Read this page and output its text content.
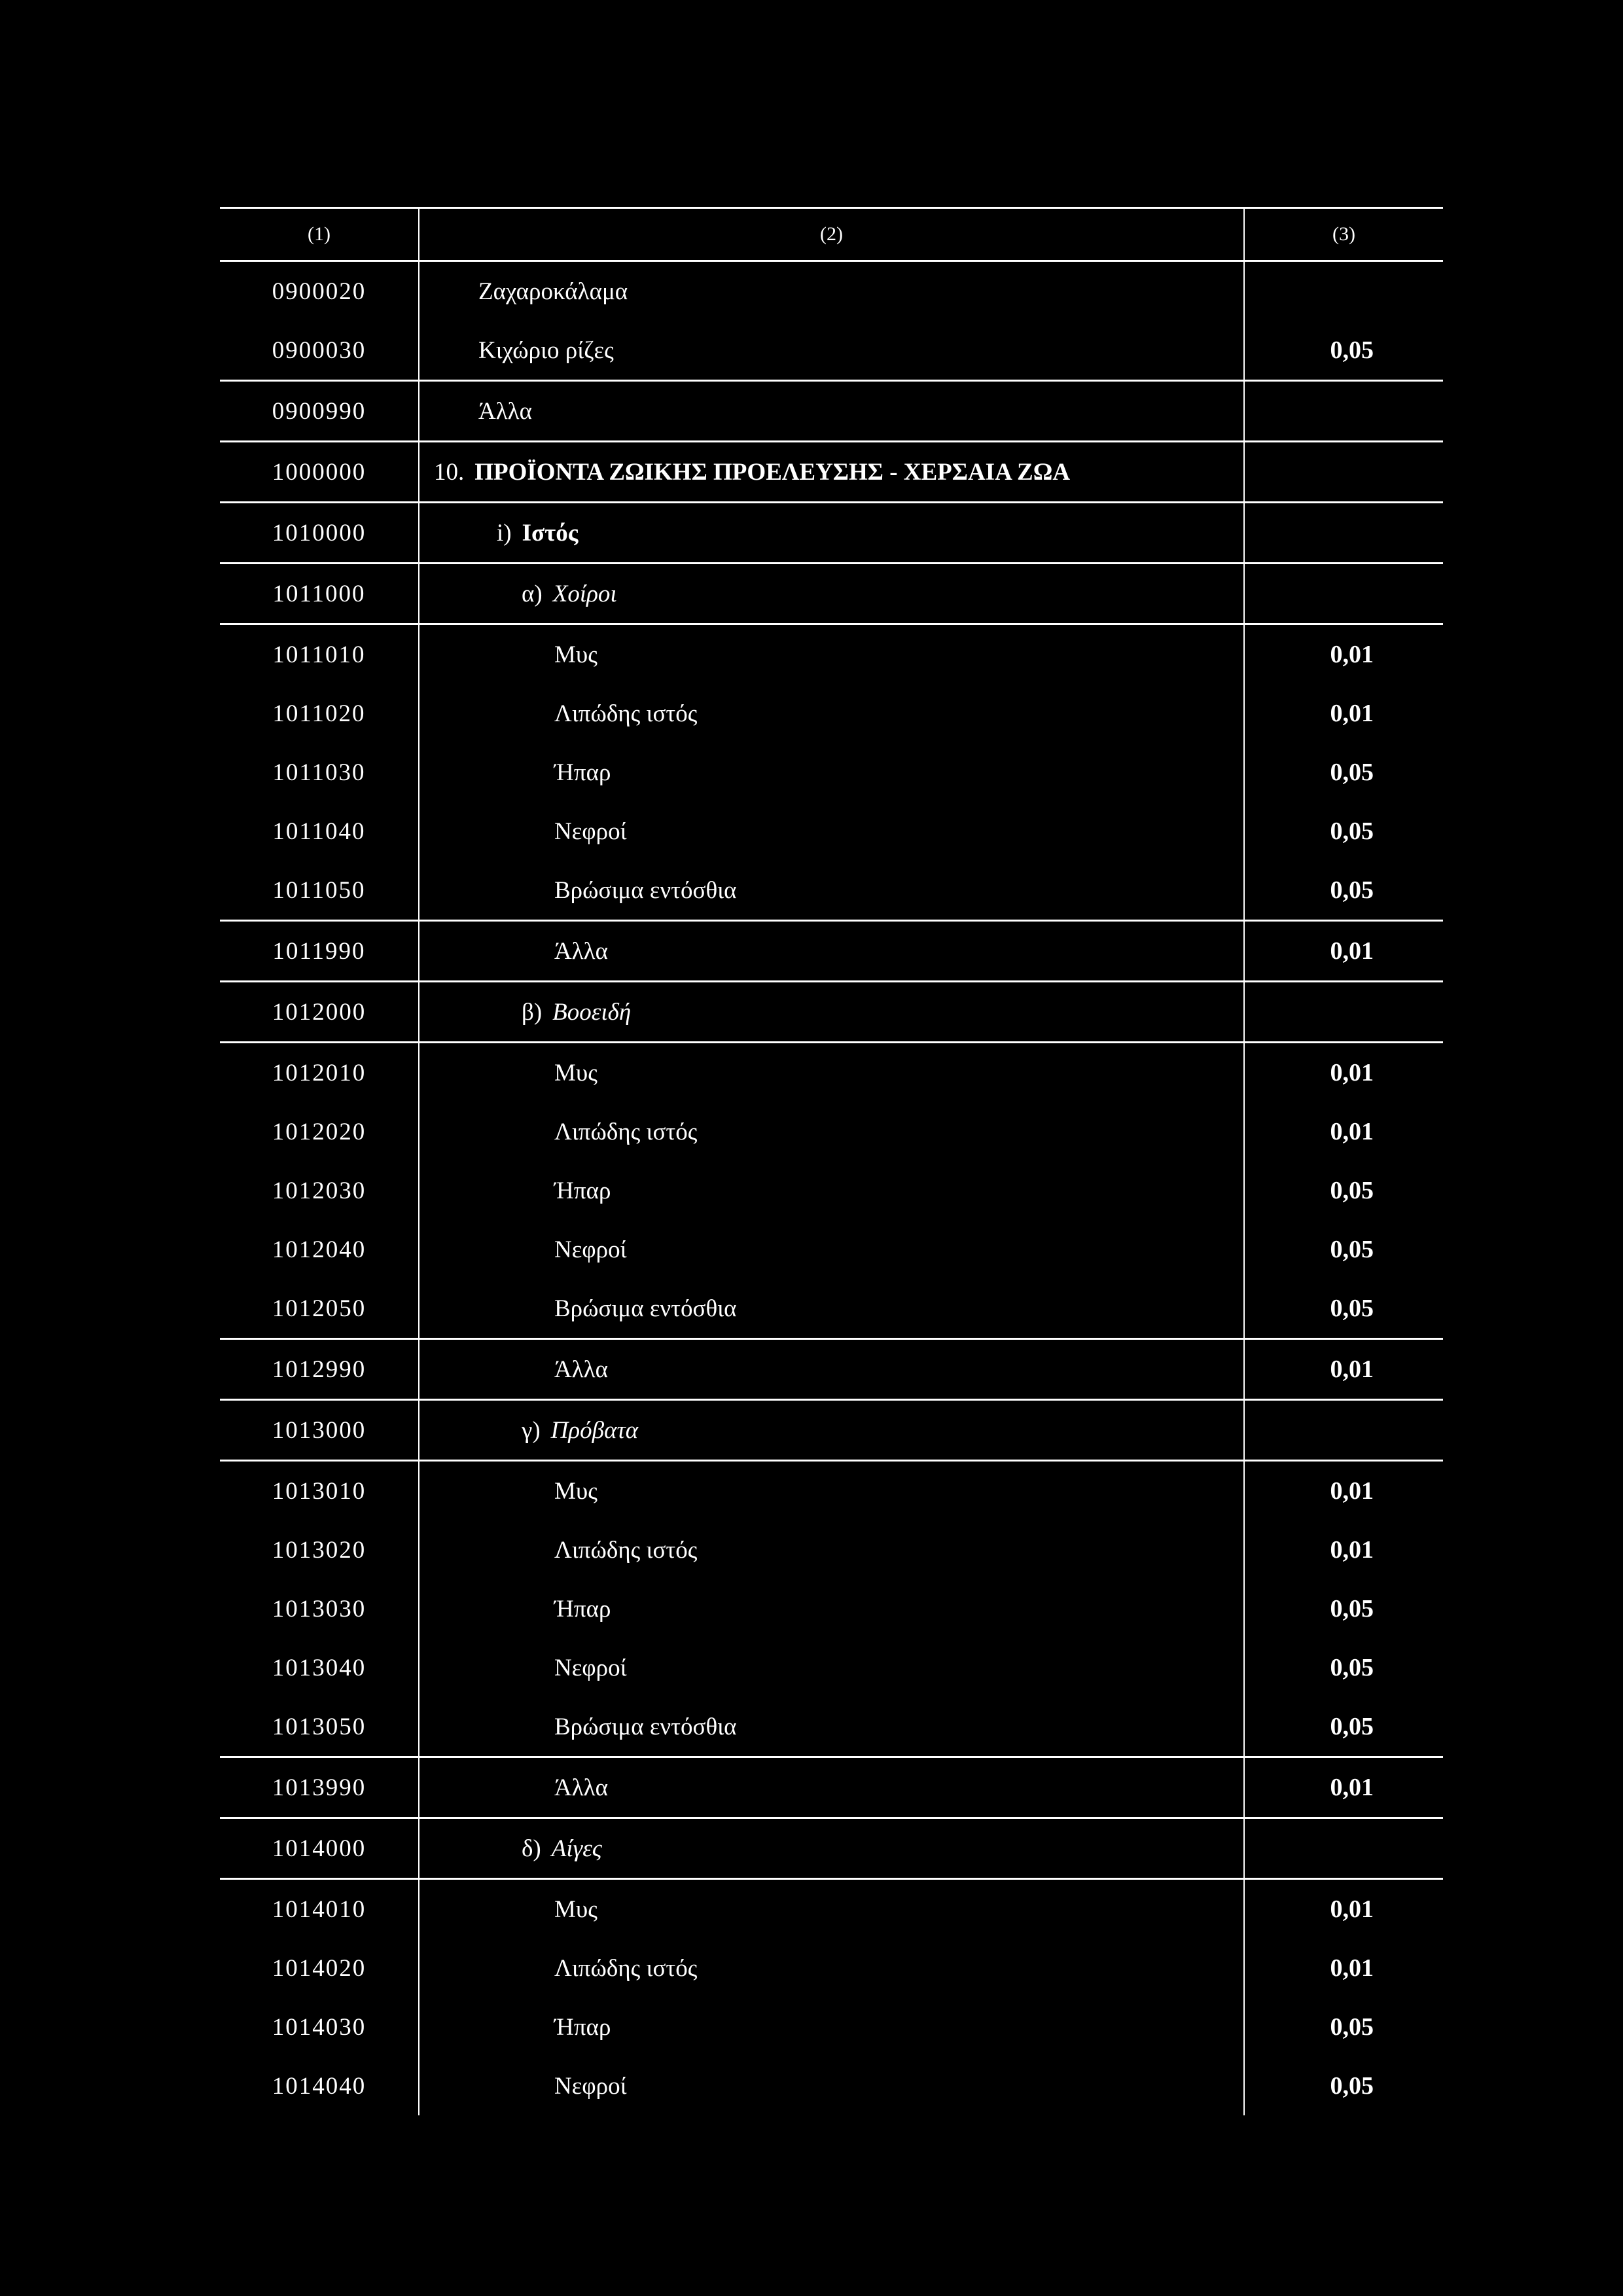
(1)	(2)	(3)
0900020	Ζαχαροκάλαμα	
0900030	Κιχώριο ρίζες	0,05
0900990	Άλλα	
1000000	10. ΠΡΟΪΟΝΤΑ ΖΩΙΚΗΣ ΠΡΟΕΛΕΥΣΗΣ - ΧΕΡΣΑΙΑ ΖΩΑ	
1010000	i) Ιστός	
1011000	α) Χοίροι	
1011010	Μυς	0,01
1011020	Λιπώδης ιστός	0,01
1011030	Ήπαρ	0,05
1011040	Νεφροί	0,05
1011050	Βρώσιμα εντόσθια	0,05
1011990	Άλλα	0,01
1012000	β) Βοοειδή	
1012010	Μυς	0,01
1012020	Λιπώδης ιστός	0,01
1012030	Ήπαρ	0,05
1012040	Νεφροί	0,05
1012050	Βρώσιμα εντόσθια	0,05
1012990	Άλλα	0,01
1013000	γ) Πρόβατα	
1013010	Μυς	0,01
1013020	Λιπώδης ιστός	0,01
1013030	Ήπαρ	0,05
1013040	Νεφροί	0,05
1013050	Βρώσιμα εντόσθια	0,05
1013990	Άλλα	0,01
1014000	δ) Αίγες	
1014010	Μυς	0,01
1014020	Λιπώδης ιστός	0,01
1014030	Ήπαρ	0,05
1014040	Νεφροί	0,05
